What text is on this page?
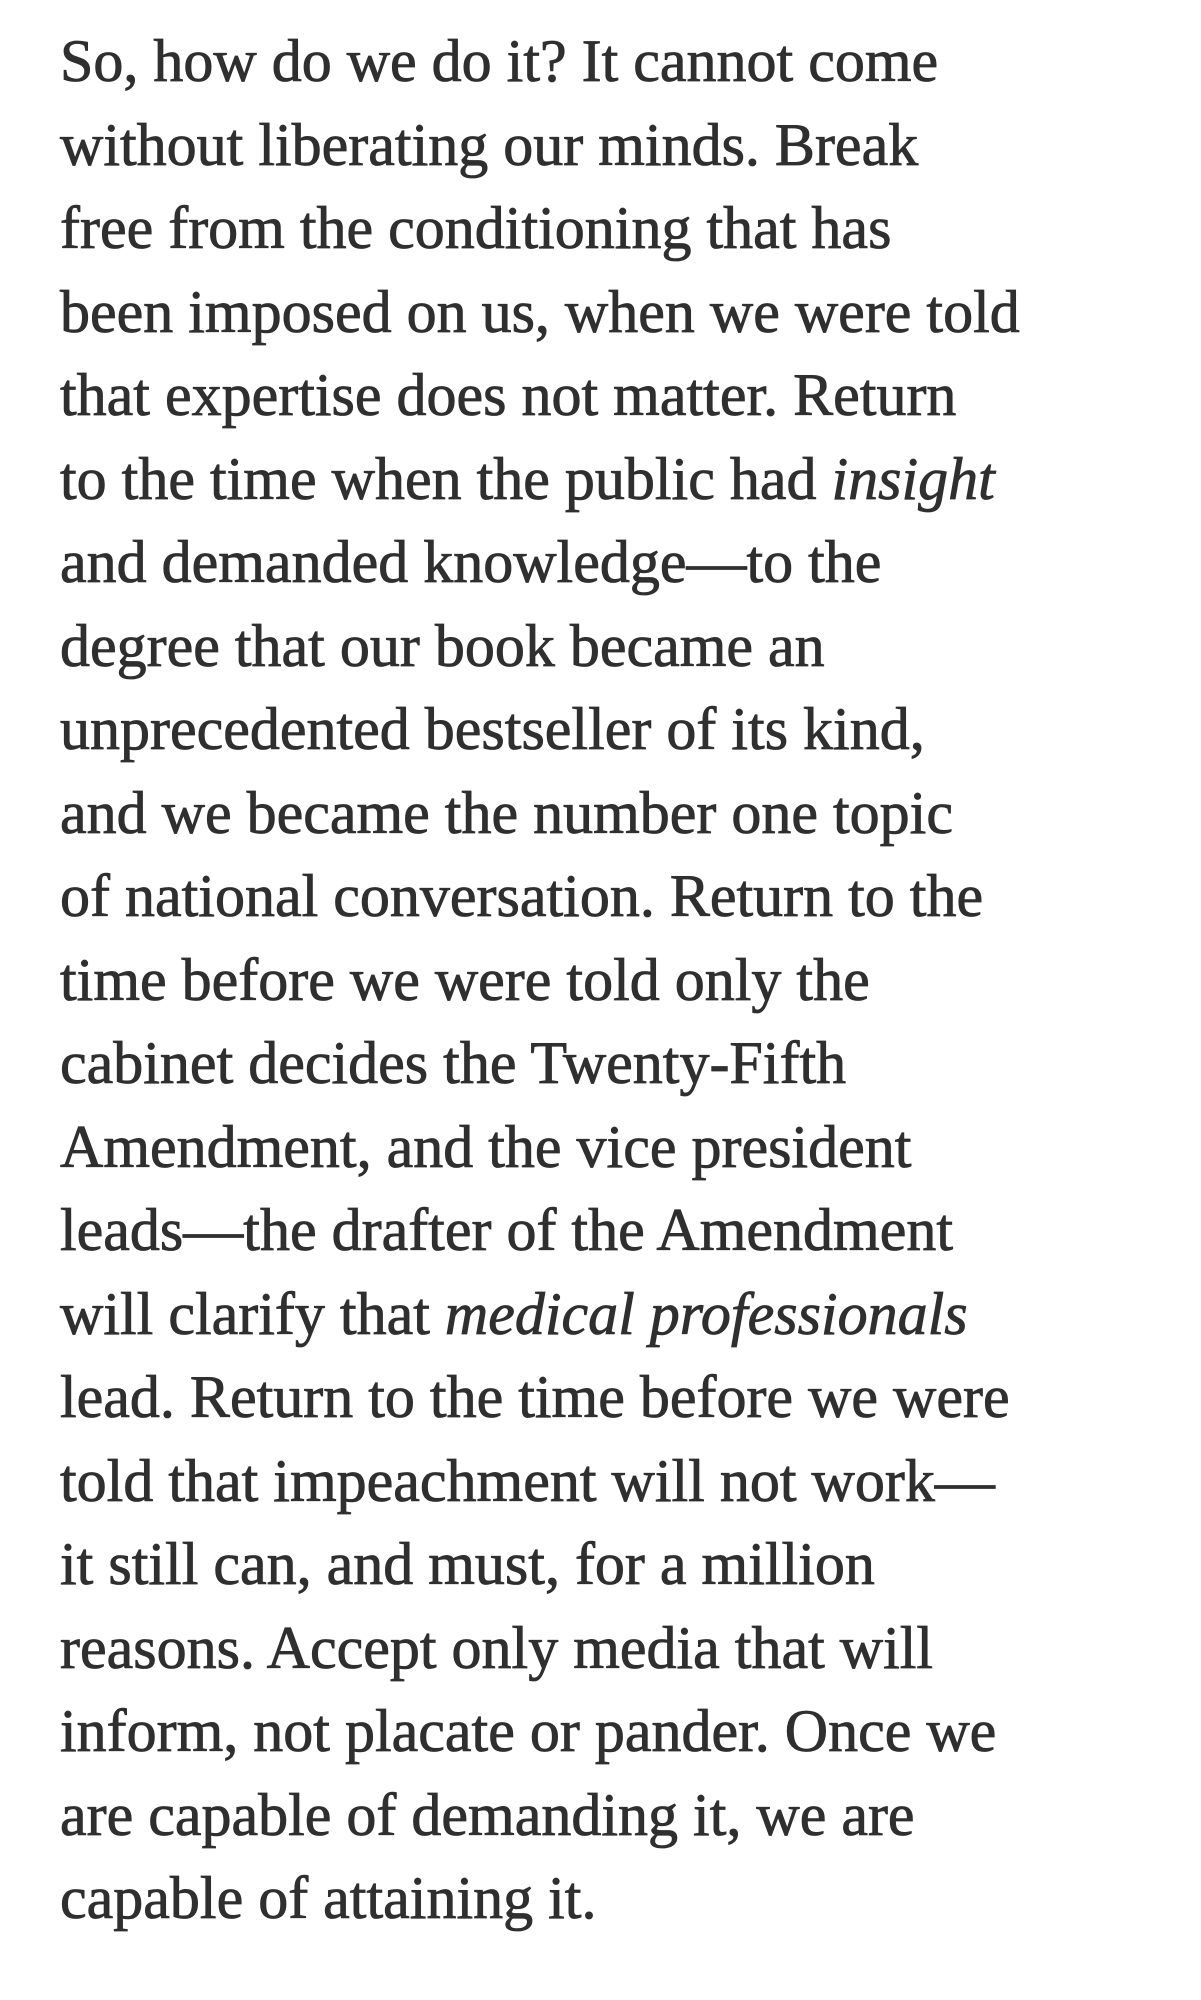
So, how do we do it? It cannot come
without liberating our minds. Break
free from the conditioning that has
been imposed on us, when we were told
that expertise does not matter. Return
to the time when the public had insight
and demanded knowledge—to the
degree that our book became an
unprecedented bestseller of its kind,
and we became the number one topic
of national conversation. Return to the
time before we were told only the
cabinet decides the Twenty-Fifth
Amendment, and the vice president
leads—the drafter of the Amendment
will clarify that medical professionals
lead. Return to the time before we were
told that impeachment will not work—
it still can, and must, for a million
reasons. Accept only media that will
inform, not placate or pander. Once we
are capable of demanding it, we are
capable of attaining it.
